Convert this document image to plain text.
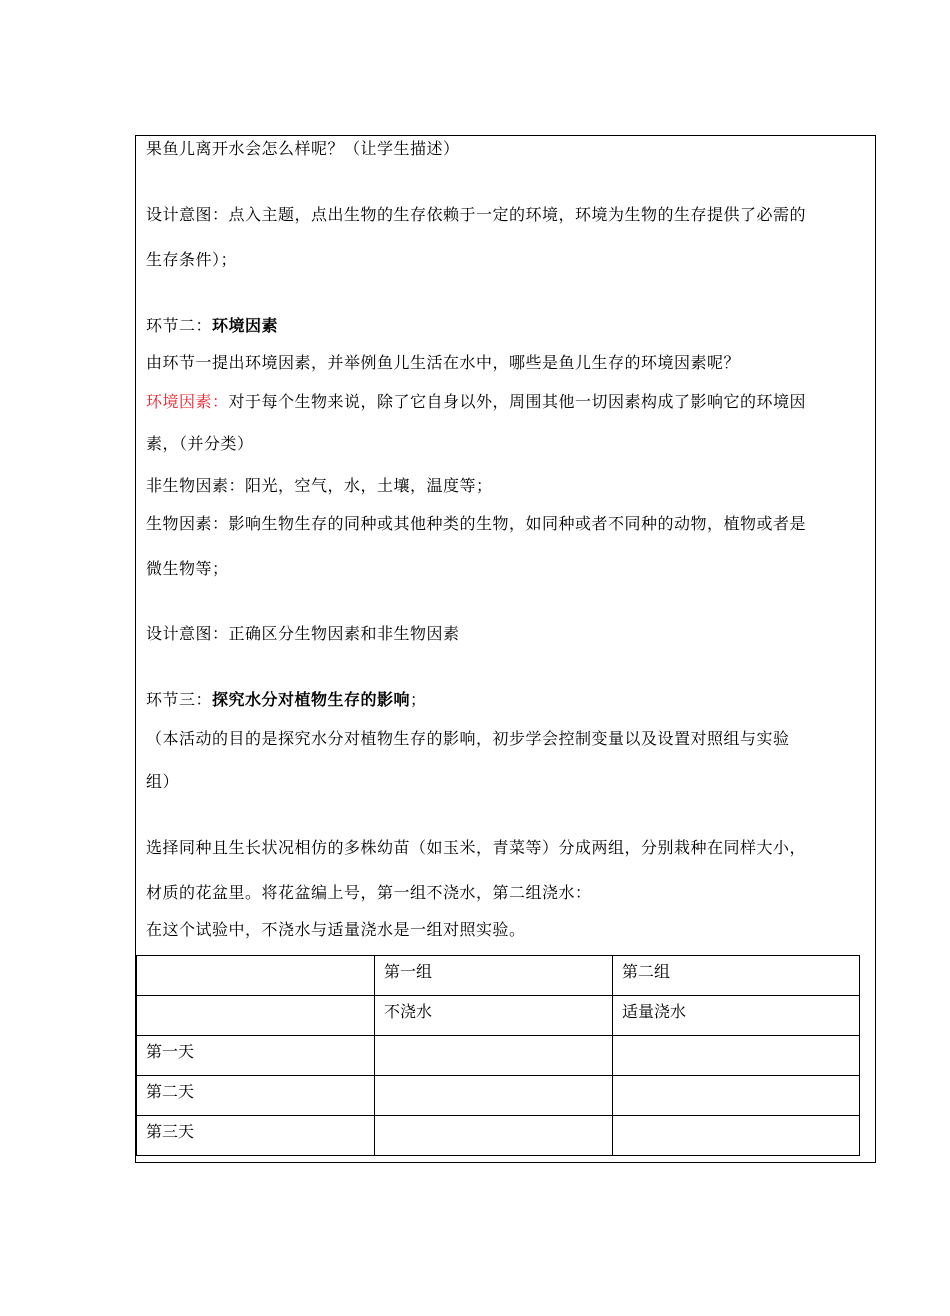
果鱼儿离开水会怎么样呢？（让学生描述）
设计意图：点入主题，点出生物的生存依赖于一定的环境，环境为生物的生存提供了必需的
生存条件）；
环节二：环境因素
由环节一提出环境因素，并举例鱼儿生活在水中，哪些是鱼儿生存的环境因素呢？
环境因素：对于每个生物来说，除了它自身以外，周围其他一切因素构成了影响它的环境因
素，（并分类）
非生物因素：阳光，空气，水，土壤，温度等；
生物因素：影响生物生存的同种或其他种类的生物，如同种或者不同种的动物，植物或者是
微生物等；
设计意图：正确区分生物因素和非生物因素
环节三：探究水分对植物生存的影响；
（本活动的目的是探究水分对植物生存的影响，初步学会控制变量以及设置对照组与实验
组）
选择同种且生长状况相仿的多株幼苗（如玉米，青菜等）分成两组，分别栽种在同样大小，
材质的花盆里。将花盆编上号，第一组不浇水，第二组浇水：
在这个试验中，不浇水与适量浇水是一组对照实验。
	第一组	第二组
	不浇水	适量浇水
第一天		
第二天		
第三天		
